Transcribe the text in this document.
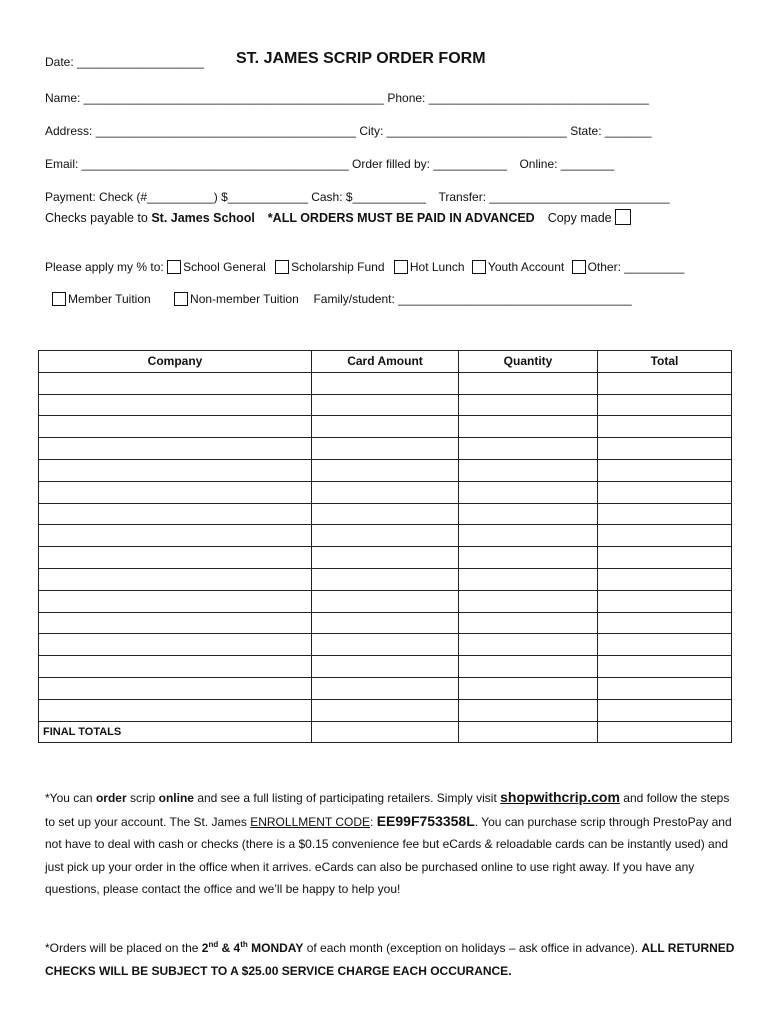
Date: ___________________ ST. JAMES SCRIP ORDER FORM
Name: _____________________________________________ Phone: _________________________________
Address: _______________________________________ City: ___________________________ State: _______
Email: ________________________________________ Order filled by: ___________ Online: ________
Payment: Check (#__________) $____________ Cash: $___________ Transfer: ___________________________
Checks payable to St. James School *ALL ORDERS MUST BE PAID IN ADVANCED Copy made
Please apply my % to: School General Scholarship Fund Hot Lunch Youth Account Other: _________
Member Tuition	Non-member Tuition Family/student: ___________________________________
Company	Card Amount	Quantity	Total

FINAL TOTALS			
*You can order scrip online and see a full listing of participating retailers. Simply visit shopwithcrip.com and follow the steps to set up your account. The St. James ENROLLMENT CODE: EE99F753358L. You can purchase scrip through PrestoPay and not have to deal with cash or checks (there is a $0.15 convenience fee but eCards & reloadable cards can be instantly used) and just pick up your order in the office when it arrives. eCards can also be purchased online to use right away. If you have any questions, please contact the office and we’ll be happy to help you!
*Orders will be placed on the 2nd & 4th MONDAY of each month (exception on holidays – ask office in advance). ALL RETURNED CHECKS WILL BE SUBJECT TO A $25.00 SERVICE CHARGE EACH OCCURANCE.
